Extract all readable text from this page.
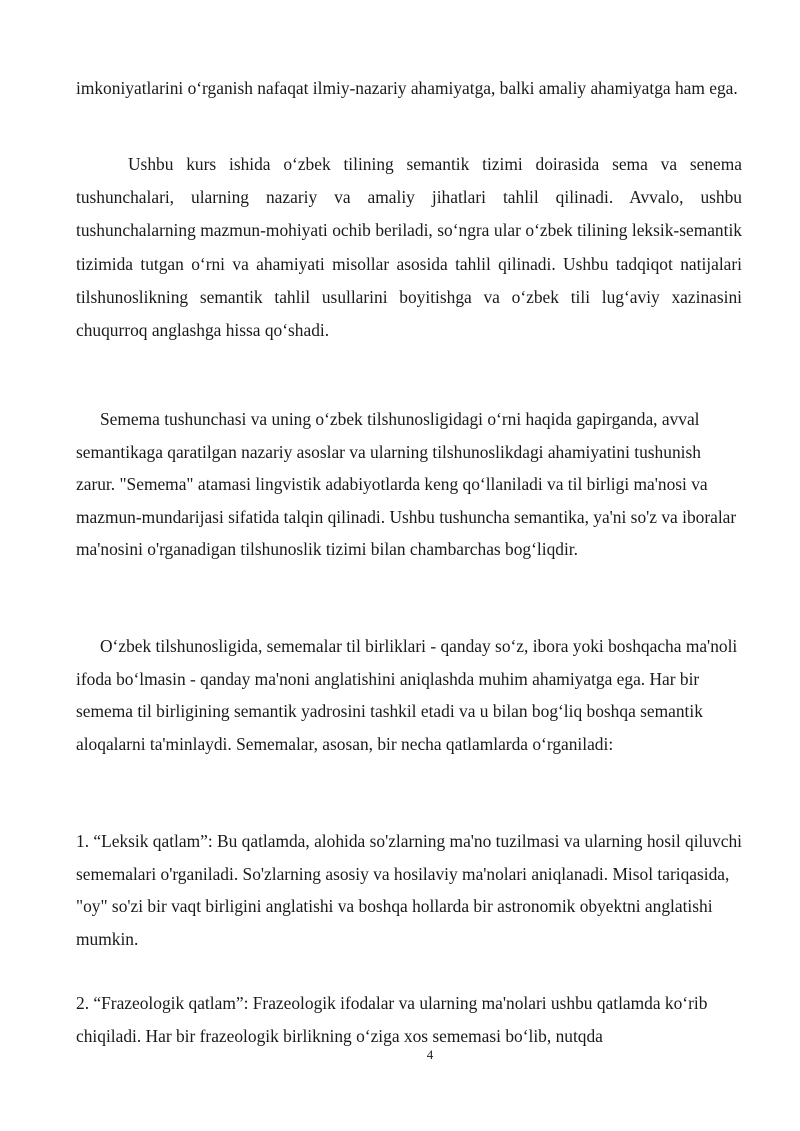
imkoniyatlarini o‘rganish nafaqat ilmiy-nazariy ahamiyatga, balki amaliy ahamiyatga ham ega.

Ushbu kurs ishida o‘zbek tilining semantik tizimi doirasida sema va senema tushunchalari, ularning nazariy va amaliy jihatlari tahlil qilinadi. Avvalo, ushbu tushunchalarning mazmun-mohiyati ochib beriladi, so‘ngra ular o‘zbek tilining leksik-semantik tizimida tutgan o‘rni va ahamiyati misollar asosida tahlil qilinadi. Ushbu tadqiqot natijalari tilshunoslikning semantik tahlil usullarini boyitishga va o‘zbek tili lug‘aviy xazinasini chuqurroq anglashga hissa qo‘shadi.

Semema tushunchasi va uning o‘zbek tilshunosligidagi o‘rni haqida gapirganda, avval semantikaga qaratilgan nazariy asoslar va ularning tilshunoslikdagi ahamiyatini tushunish zarur. "Semema" atamasi lingvistik adabiyotlarda keng qo‘llaniladi va til birligi ma'nosi va mazmun-mundarijasi sifatida talqin qilinadi. Ushbu tushuncha semantika, ya'ni so'z va iboralar ma'nosini o'rganadigan tilshunoslik tizimi bilan chambarchas bog‘liqdir.

O‘zbek tilshunosligida, sememalar til birliklari - qanday so‘z, ibora yoki boshqacha ma'noli ifoda bo‘lmasin - qanday ma'noni anglatishini aniqlashda muhim ahamiyatga ega. Har bir semema til birligining semantik yadrosini tashkil etadi va u bilan bog‘liq boshqa semantik aloqalarni ta'minlaydi. Sememalar, asosan, bir necha qatlamlarda o‘rganiladi:

1. “Leksik qatlam”: Bu qatlamda, alohida so'zlarning ma'no tuzilmasi va ularning hosil qiluvchi sememalari o'rganiladi. So'zlarning asosiy va hosilaviy ma'nolari aniqlanadi. Misol tariqasida, "oy" so'zi bir vaqt birligini anglatishi va boshqa hollarda bir astronomik obyektni anglatishi mumkin.

2. “Frazeologik qatlam”: Frazeologik ifodalar va ularning ma'nolari ushbu qatlamda ko‘rib chiqiladi. Har bir frazeologik birlikning o‘ziga xos sememasi bo‘lib, nutqda

4
